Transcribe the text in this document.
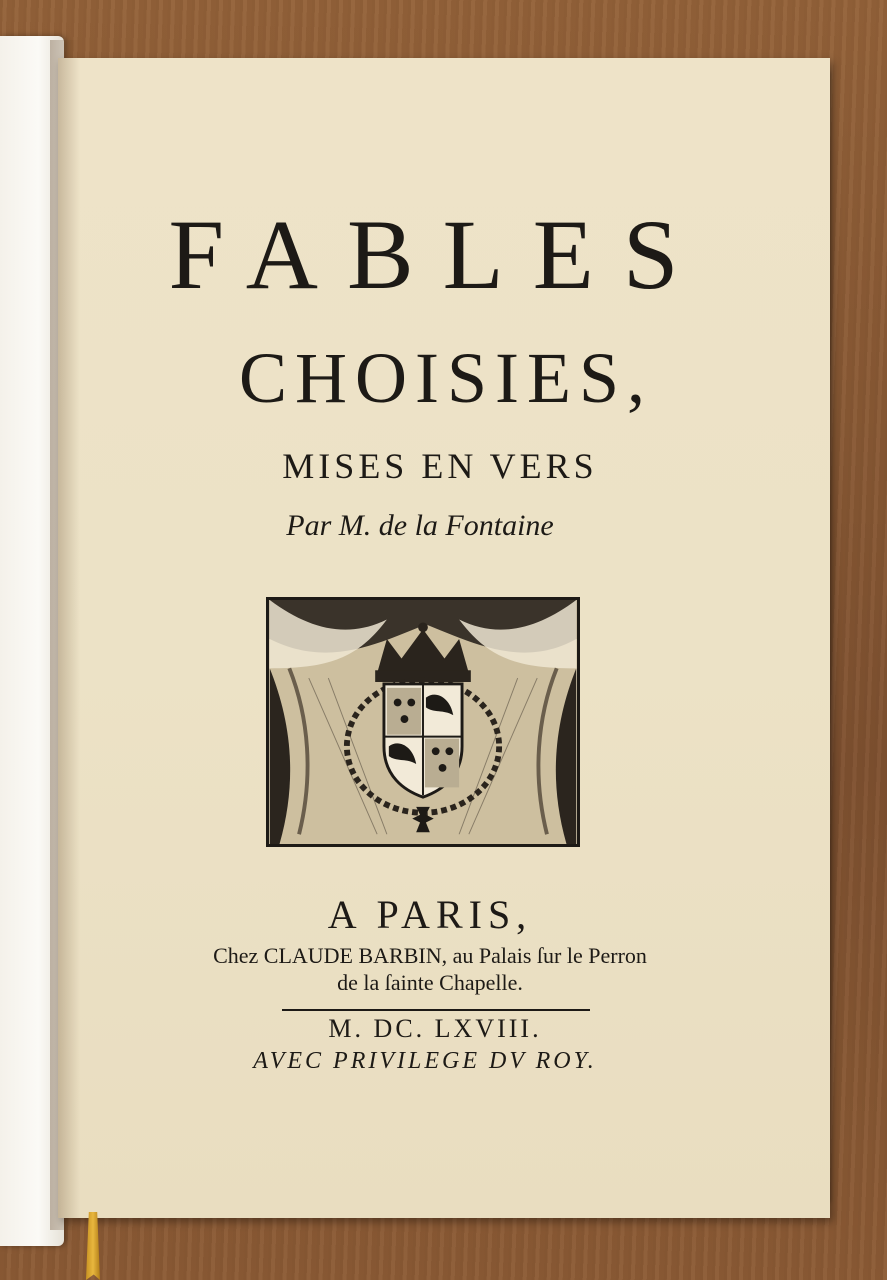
FABLES
CHOISIES,
MISES EN VERS
Par M. de la Fontaine
A PARIS,
Chez CLAUDE BARBIN, au Palais ſur le Perron
de la ſainte Chapelle.
M. DC. LXVIII.
AVEC PRIVILEGE DV ROY.
